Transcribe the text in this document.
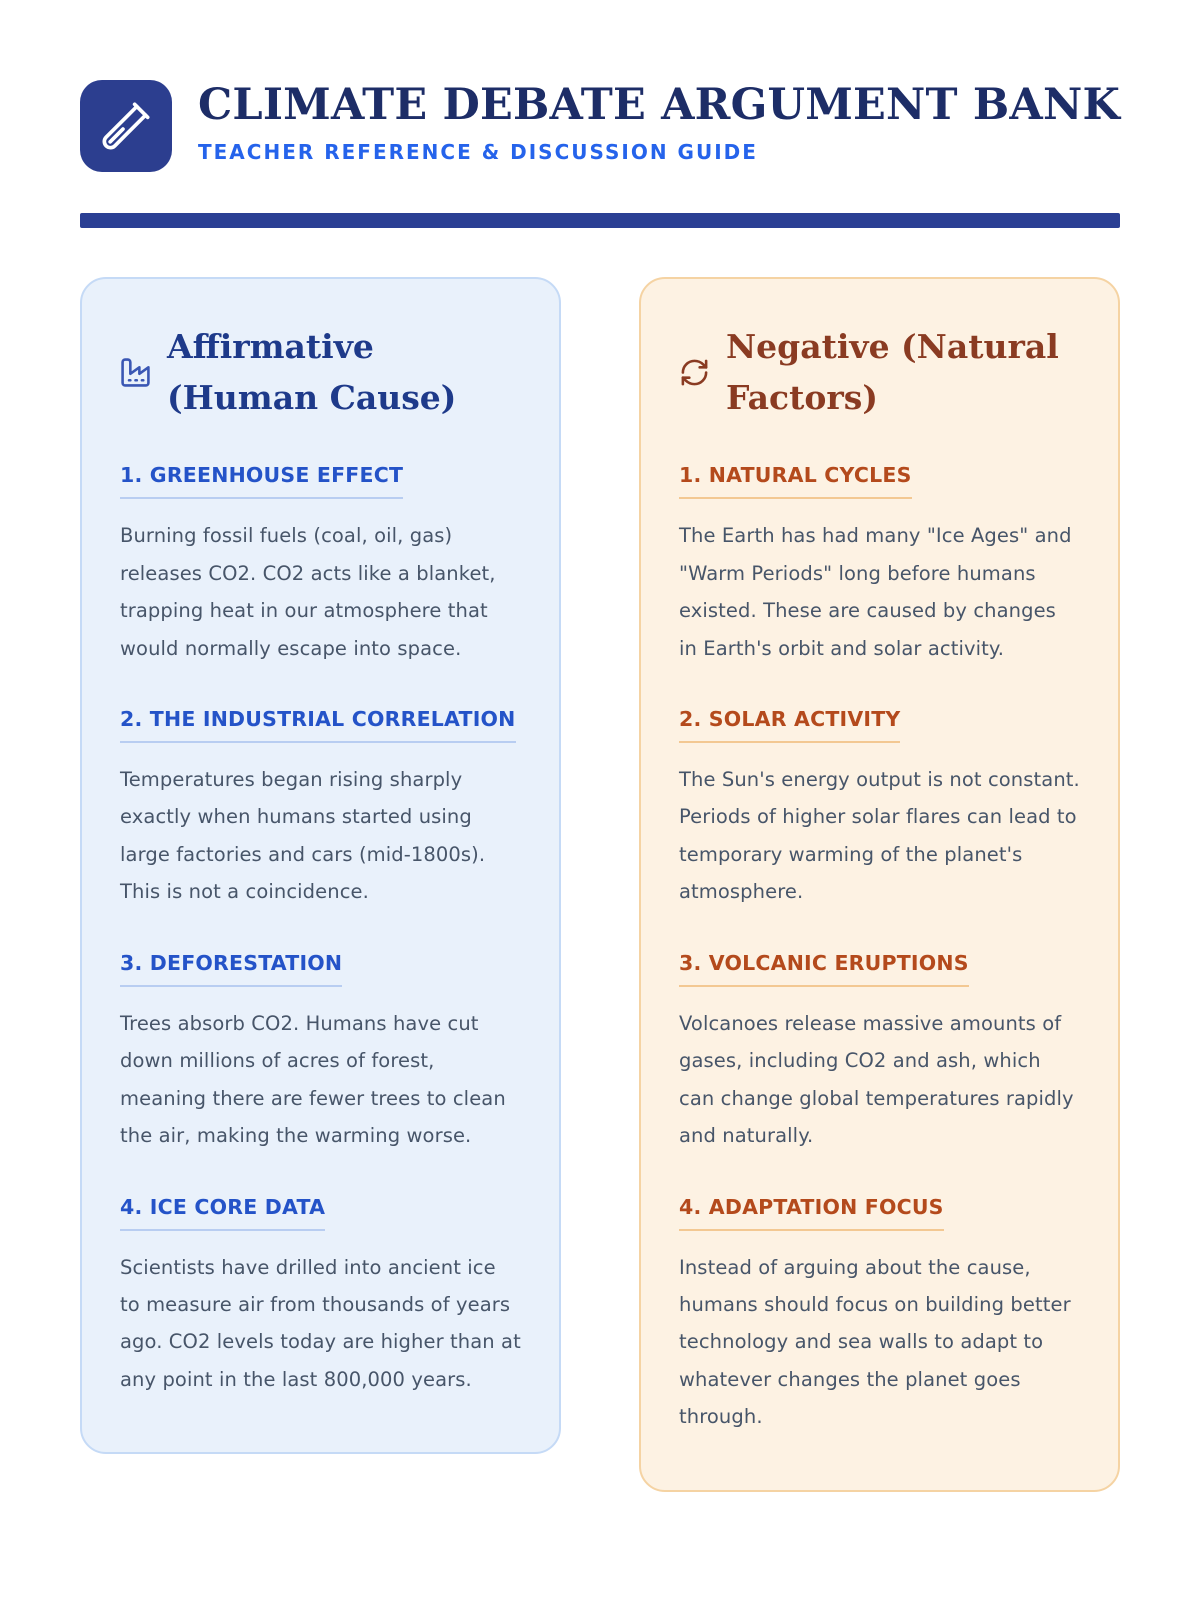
CLIMATE DEBATE ARGUMENT BANK
TEACHER REFERENCE & DISCUSSION GUIDE
Affirmative (Human Cause)
1. GREENHOUSE EFFECT

Burning fossil fuels (coal, oil, gas) releases CO2. CO2 acts like a blanket, trapping heat in our atmosphere that would normally escape into space.

2. THE INDUSTRIAL CORRELATION

Temperatures began rising sharply exactly when humans started using large factories and cars (mid-1800s). This is not a coincidence.

3. DEFORESTATION

Trees absorb CO2. Humans have cut down millions of acres of forest, meaning there are fewer trees to clean the air, making the warming worse.

4. ICE CORE DATA

Scientists have drilled into ancient ice to measure air from thousands of years ago. CO2 levels today are higher than at any point in the last 800,000 years.

Negative (Natural Factors)
1. NATURAL CYCLES

The Earth has had many "Ice Ages" and "Warm Periods" long before humans existed. These are caused by changes in Earth's orbit and solar activity.

2. SOLAR ACTIVITY

The Sun's energy output is not constant. Periods of higher solar flares can lead to temporary warming of the planet's atmosphere.

3. VOLCANIC ERUPTIONS

Volcanoes release massive amounts of gases, including CO2 and ash, which can change global temperatures rapidly and naturally.

4. ADAPTATION FOCUS

Instead of arguing about the cause, humans should focus on building better technology and sea walls to adapt to whatever changes the planet goes through.
